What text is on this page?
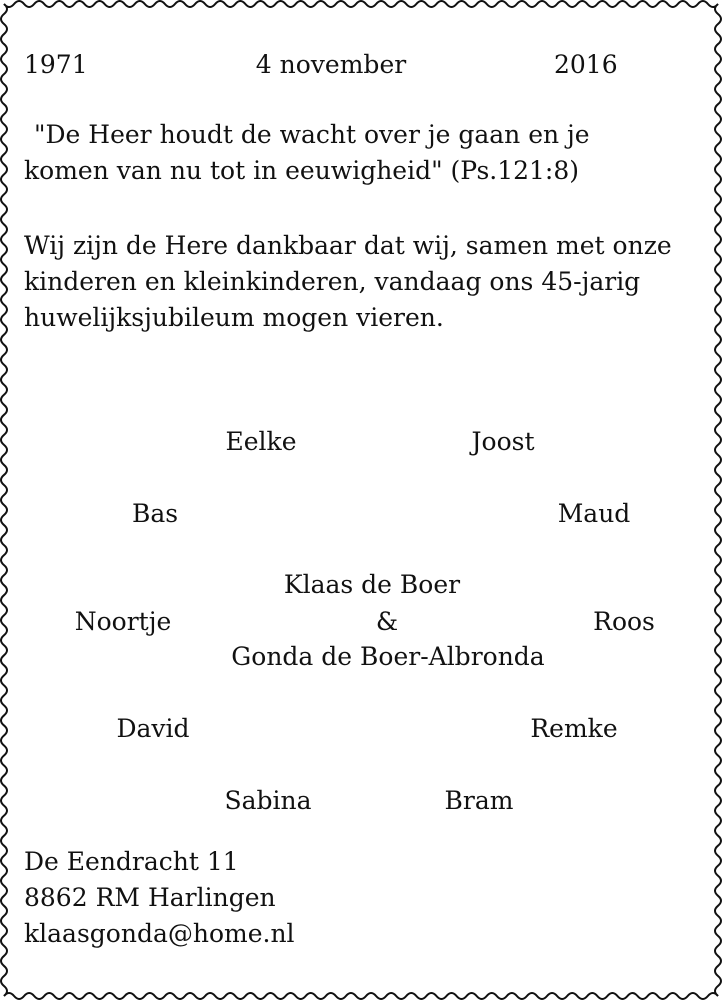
1971	4 november	2016

"De Heer houdt de wacht over je gaan en je
komen van nu tot in eeuwigheid" (Ps.121:8)
Wij zijn de Here dankbaar dat wij, samen met onze
kinderen en kleinkinderen, vandaag ons 45-jarig
huwelijksjubileum mogen vieren.

Eelke	Joost

Bas	Maud

Klaas de Boer

Noortje	&	Roos

Gonda de Boer-Albronda

David	Remke

Sabina	Bram

De Eendracht 11
8862 RM Harlingen
klaasgonda@home.nl
